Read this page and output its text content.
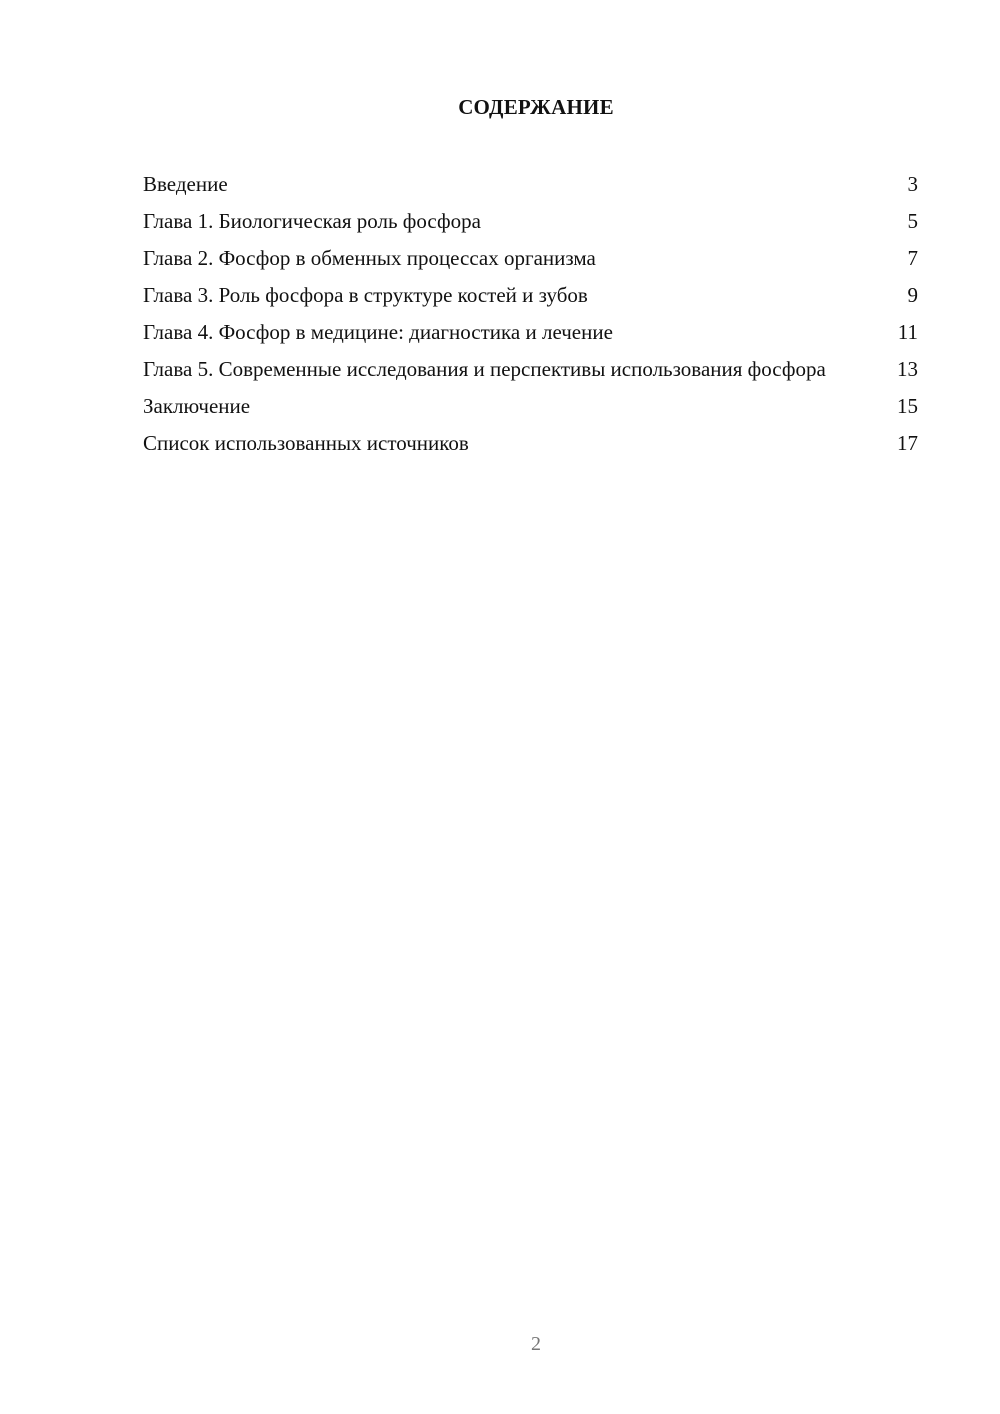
СОДЕРЖАНИЕ
Введение	3
Глава 1. Биологическая роль фосфора	5
Глава 2. Фосфор в обменных процессах организма	7
Глава 3. Роль фосфора в структуре костей и зубов	9
Глава 4. Фосфор в медицине: диагностика и лечение	11
Глава 5. Современные исследования и перспективы использования фосфора	13
Заключение	15
Список использованных источников	17
2
